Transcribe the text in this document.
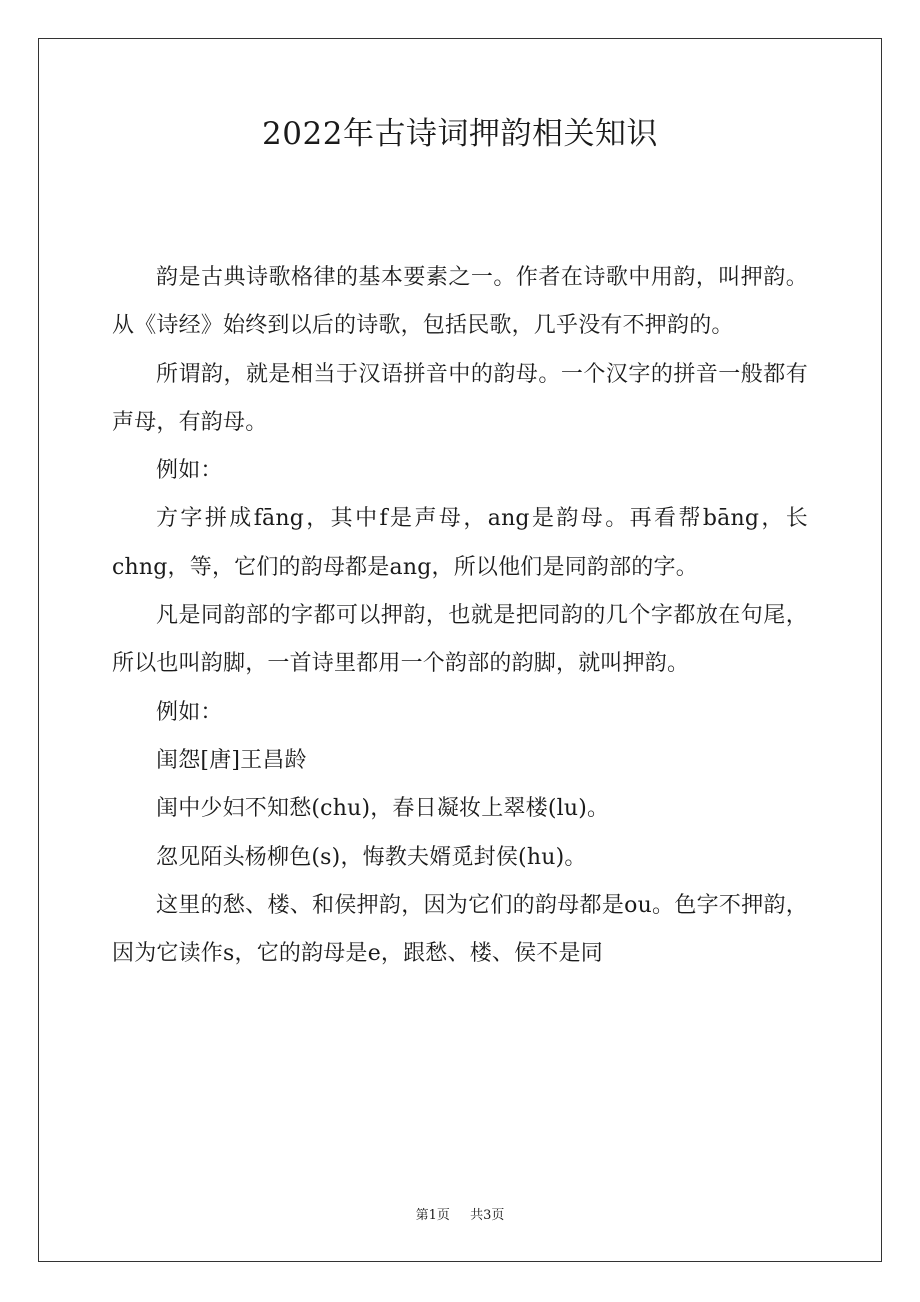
2022年古诗词押韵相关知识

韵是古典诗歌格律的基本要素之一。作者在诗歌中用韵，叫押韵。从《诗经》始终到以后的诗歌，包括民歌，几乎没有不押韵的。

所谓韵，就是相当于汉语拼音中的韵母。一个汉字的拼音一般都有声母，有韵母。

例如：

方字拼成fāng，其中f是声母，ang是韵母。再看帮bāng，长chng，等，它们的韵母都是ang，所以他们是同韵部的字。

凡是同韵部的字都可以押韵，也就是把同韵的几个字都放在句尾，所以也叫韵脚，一首诗里都用一个韵部的韵脚，就叫押韵。

例如：

闺怨[唐]王昌龄

闺中少妇不知愁(chu)，春日凝妆上翠楼(lu)。

忽见陌头杨柳色(s)，悔教夫婿觅封侯(hu)。

这里的愁、楼、和侯押韵，因为它们的韵母都是ou。色字不押韵，因为它读作s，它的韵母是e，跟愁、楼、侯不是同

第1页 共3页
